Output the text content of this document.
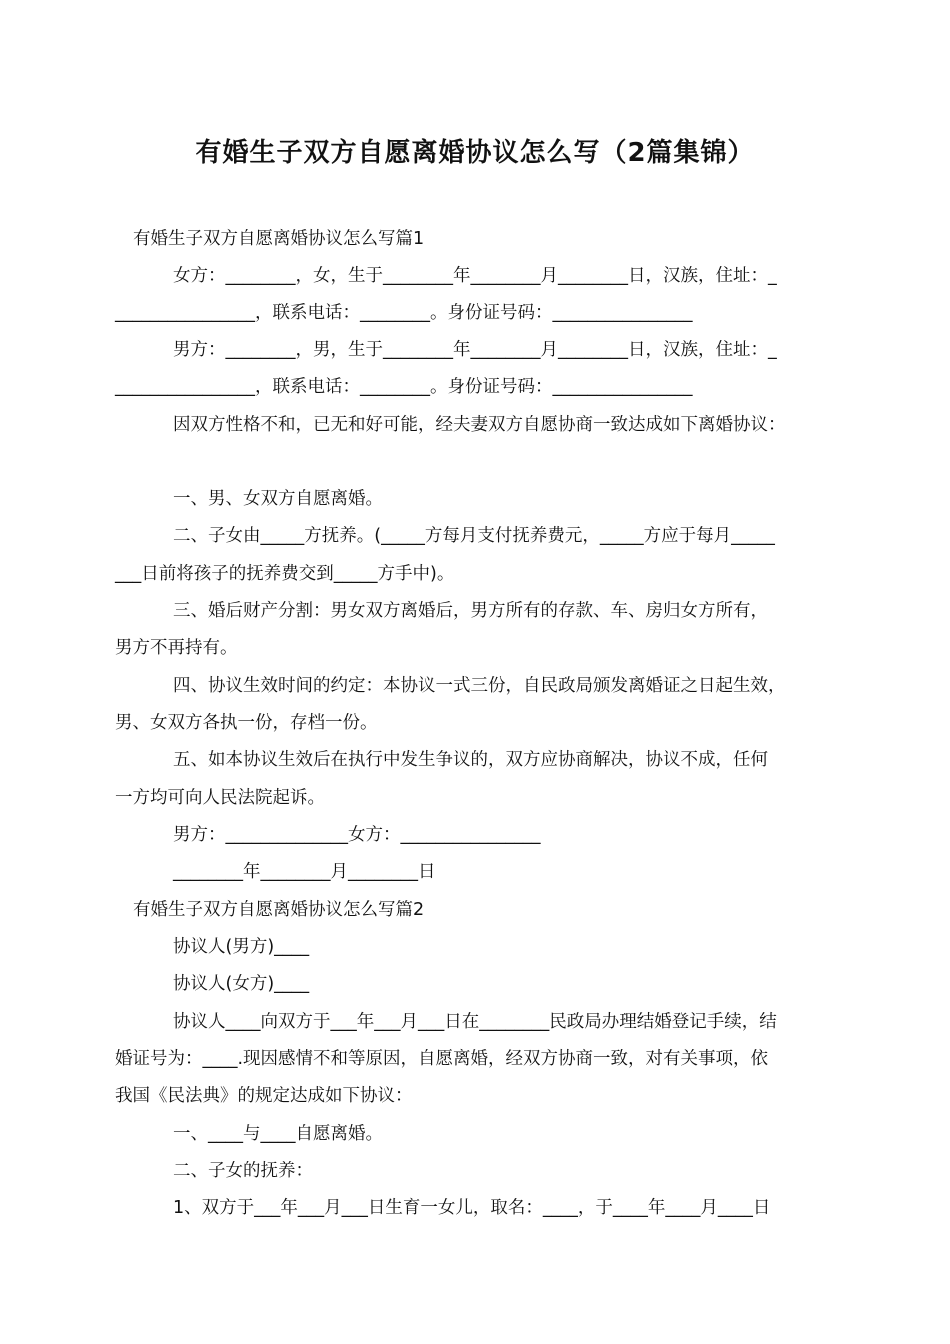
有婚生子双方自愿离婚协议怎么写（2篇集锦）
有婚生子双方自愿离婚协议怎么写篇1
女方：________，女，生于________年________月________日，汉族，住址：_
________________，联系电话：________。身份证号码：________________
男方：________，男，生于________年________月________日，汉族，住址：_
________________，联系电话：________。身份证号码：________________
因双方性格不和，已无和好可能，经夫妻双方自愿协商一致达成如下离婚协议：
一、男、女双方自愿离婚。
二、子女由_____方抚养。(_____方每月支付抚养费元，_____方应于每月_____
___日前将孩子的抚养费交到_____方手中)。
三、婚后财产分割：男女双方离婚后，男方所有的存款、车、房归女方所有，
男方不再持有。
四、协议生效时间的约定：本协议一式三份，自民政局颁发离婚证之日起生效，
男、女双方各执一份，存档一份。
五、如本协议生效后在执行中发生争议的，双方应协商解决，协议不成，任何
一方均可向人民法院起诉。
男方：______________女方：________________
________年________月________日
有婚生子双方自愿离婚协议怎么写篇2
协议人(男方)____
协议人(女方)____
协议人____向双方于___年___月___日在________民政局办理结婚登记手续，结
婚证号为：____.现因感情不和等原因，自愿离婚，经双方协商一致，对有关事项，依
我国《民法典》的规定达成如下协议：
一、____与____自愿离婚。
二、子女的抚养：
1、双方于___年___月___日生育一女儿，取名：____，于____年____月____日
